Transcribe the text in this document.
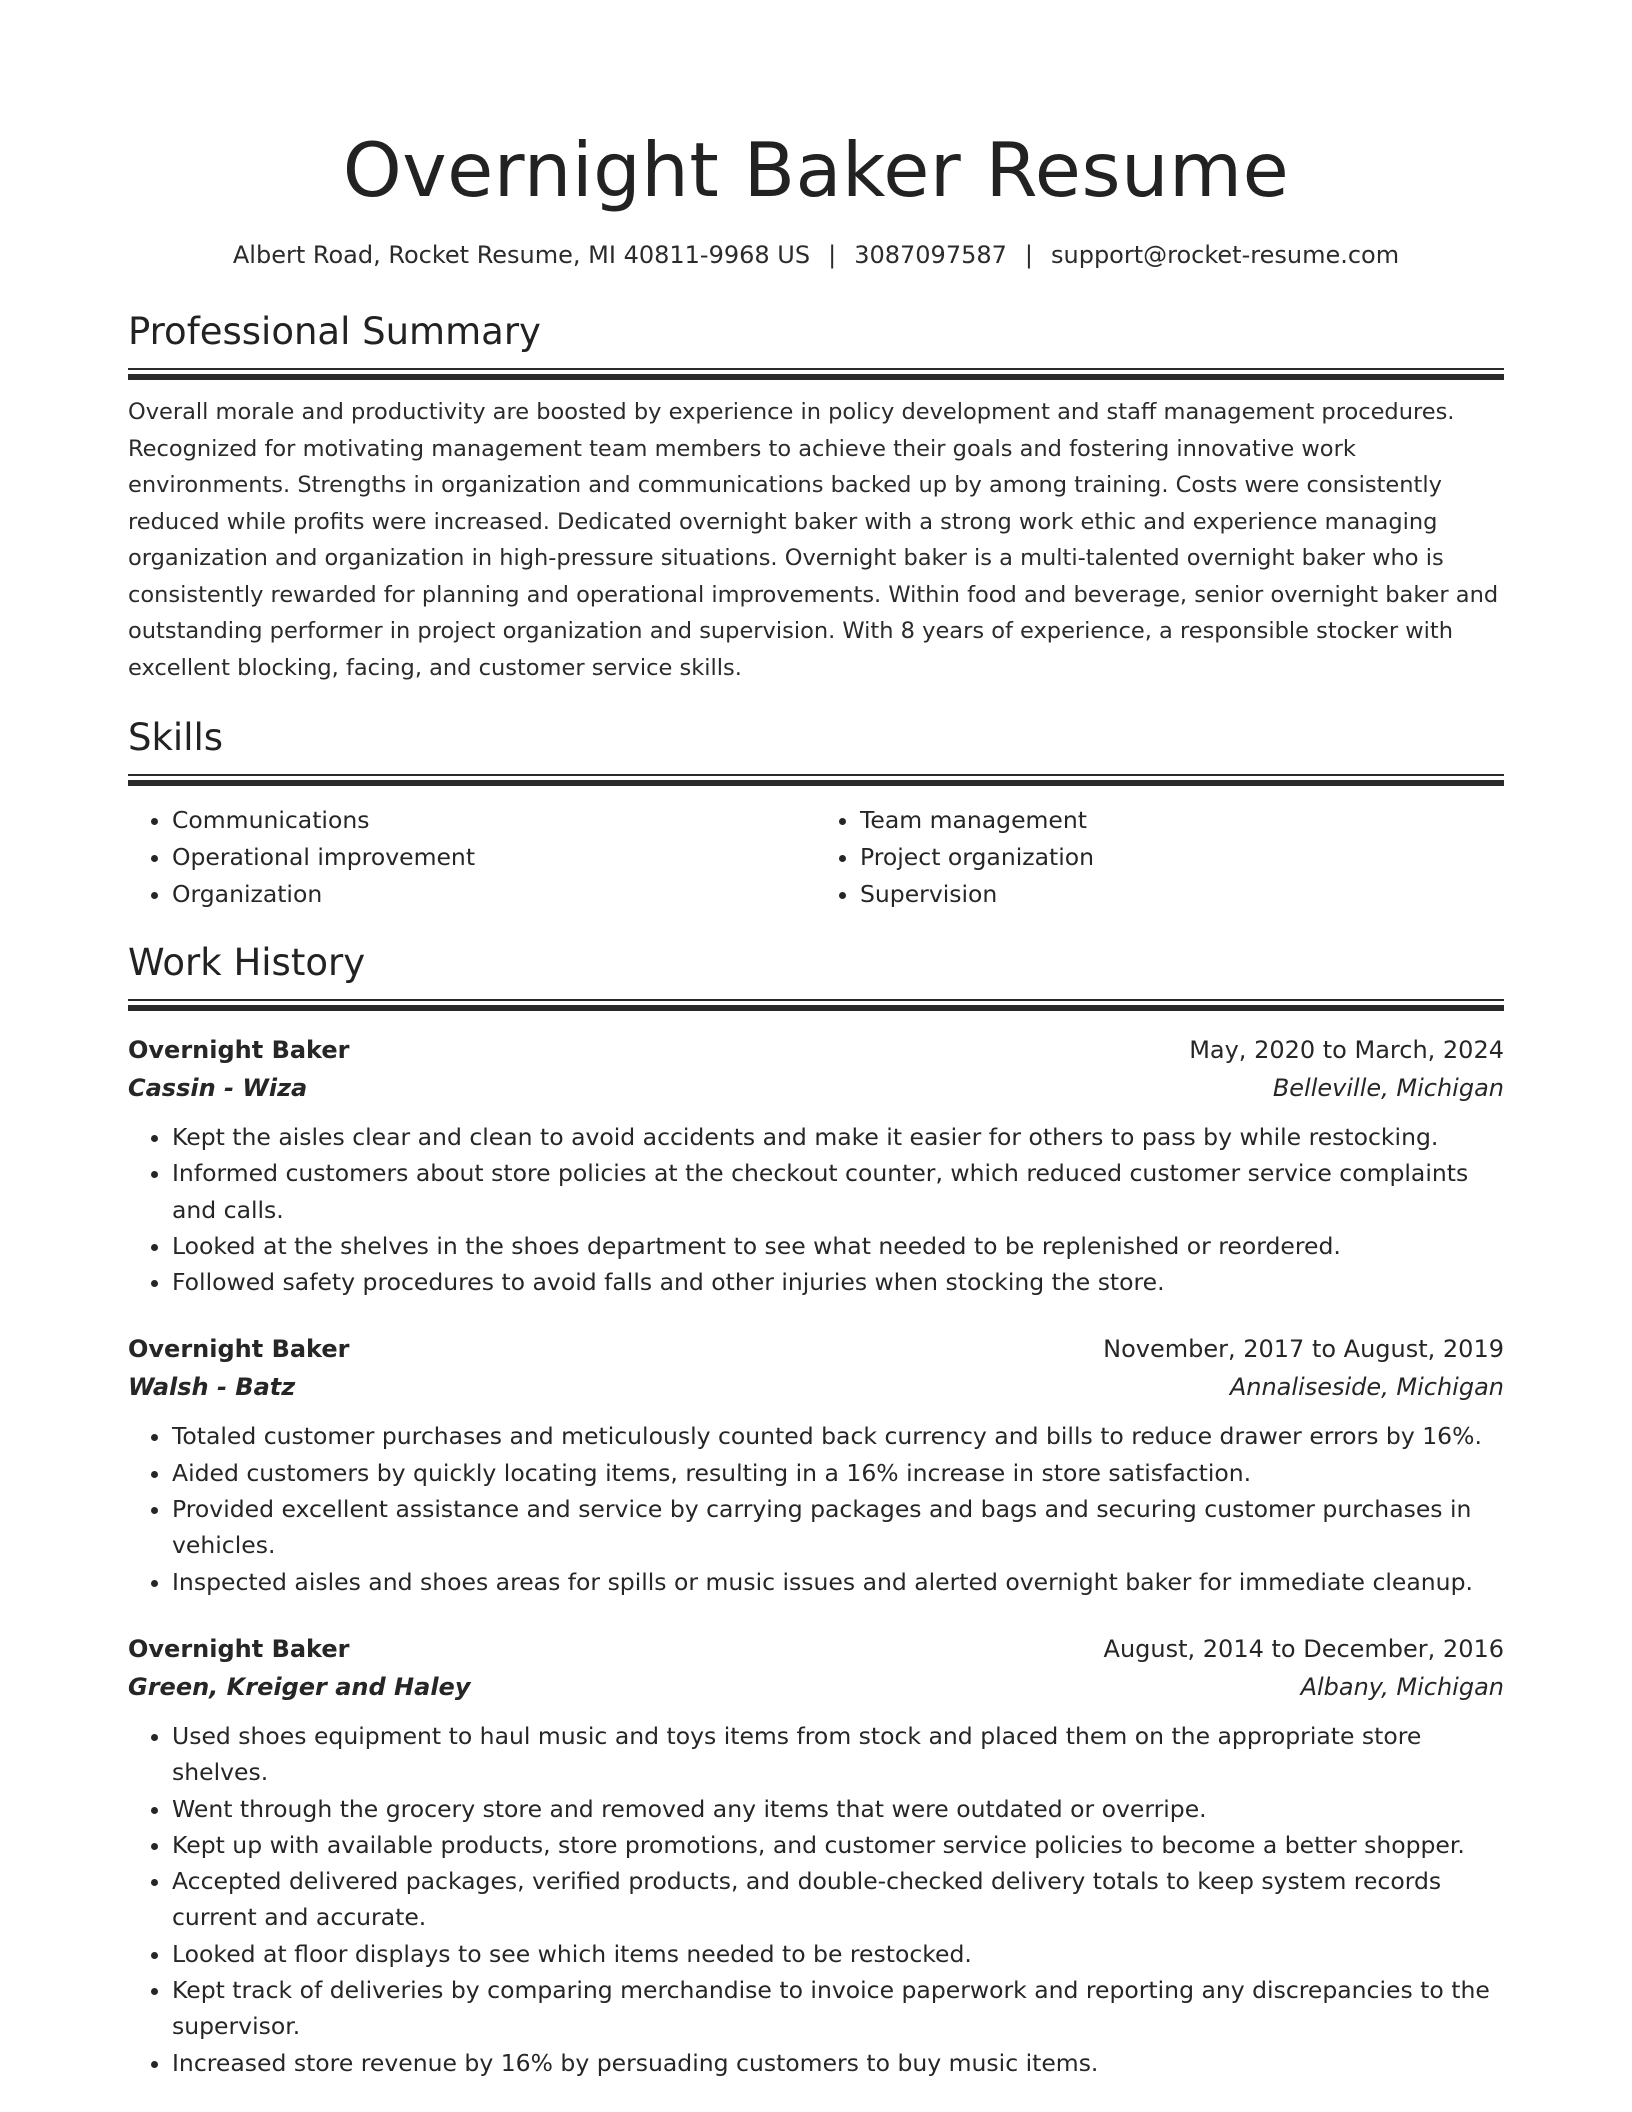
Overnight Baker Resume
Albert Road, Rocket Resume, MI 40811-9968 US | 3087097587 | support@rocket-resume.com
Professional Summary

Overall morale and productivity are boosted by experience in policy development and staff management procedures. Recognized for motivating management team members to achieve their goals and fostering innovative work environments. Strengths in organization and communications backed up by among training. Costs were consistently reduced while profits were increased. Dedicated overnight baker with a strong work ethic and experience managing organization and organization in high-pressure situations. Overnight baker is a multi-talented overnight baker who is consistently rewarded for planning and operational improvements. Within food and beverage, senior overnight baker and outstanding performer in project organization and supervision. With 8 years of experience, a responsible stocker with excellent blocking, facing, and customer service skills.

Skills
• Communications
• Operational improvement
• Organization
• Team management
• Project organization
• Supervision
Work History
Overnight Baker	May, 2020 to March, 2024
Cassin - Wiza	Belleville, Michigan
• Kept the aisles clear and clean to avoid accidents and make it easier for others to pass by while restocking.
• Informed customers about store policies at the checkout counter, which reduced customer service complaints and calls.
• Looked at the shelves in the shoes department to see what needed to be replenished or reordered.
• Followed safety procedures to avoid falls and other injuries when stocking the store.
Overnight Baker	November, 2017 to August, 2019
Walsh - Batz	Annaliseside, Michigan
• Totaled customer purchases and meticulously counted back currency and bills to reduce drawer errors by 16%.
• Aided customers by quickly locating items, resulting in a 16% increase in store satisfaction.
• Provided excellent assistance and service by carrying packages and bags and securing customer purchases in vehicles.
• Inspected aisles and shoes areas for spills or music issues and alerted overnight baker for immediate cleanup.
Overnight Baker	August, 2014 to December, 2016
Green, Kreiger and Haley	Albany, Michigan
• Used shoes equipment to haul music and toys items from stock and placed them on the appropriate store shelves.
• Went through the grocery store and removed any items that were outdated or overripe.
• Kept up with available products, store promotions, and customer service policies to become a better shopper.
• Accepted delivered packages, verified products, and double-checked delivery totals to keep system records current and accurate.
• Looked at floor displays to see which items needed to be restocked.
• Kept track of deliveries by comparing merchandise to invoice paperwork and reporting any discrepancies to the supervisor.
• Increased store revenue by 16% by persuading customers to buy music items.
